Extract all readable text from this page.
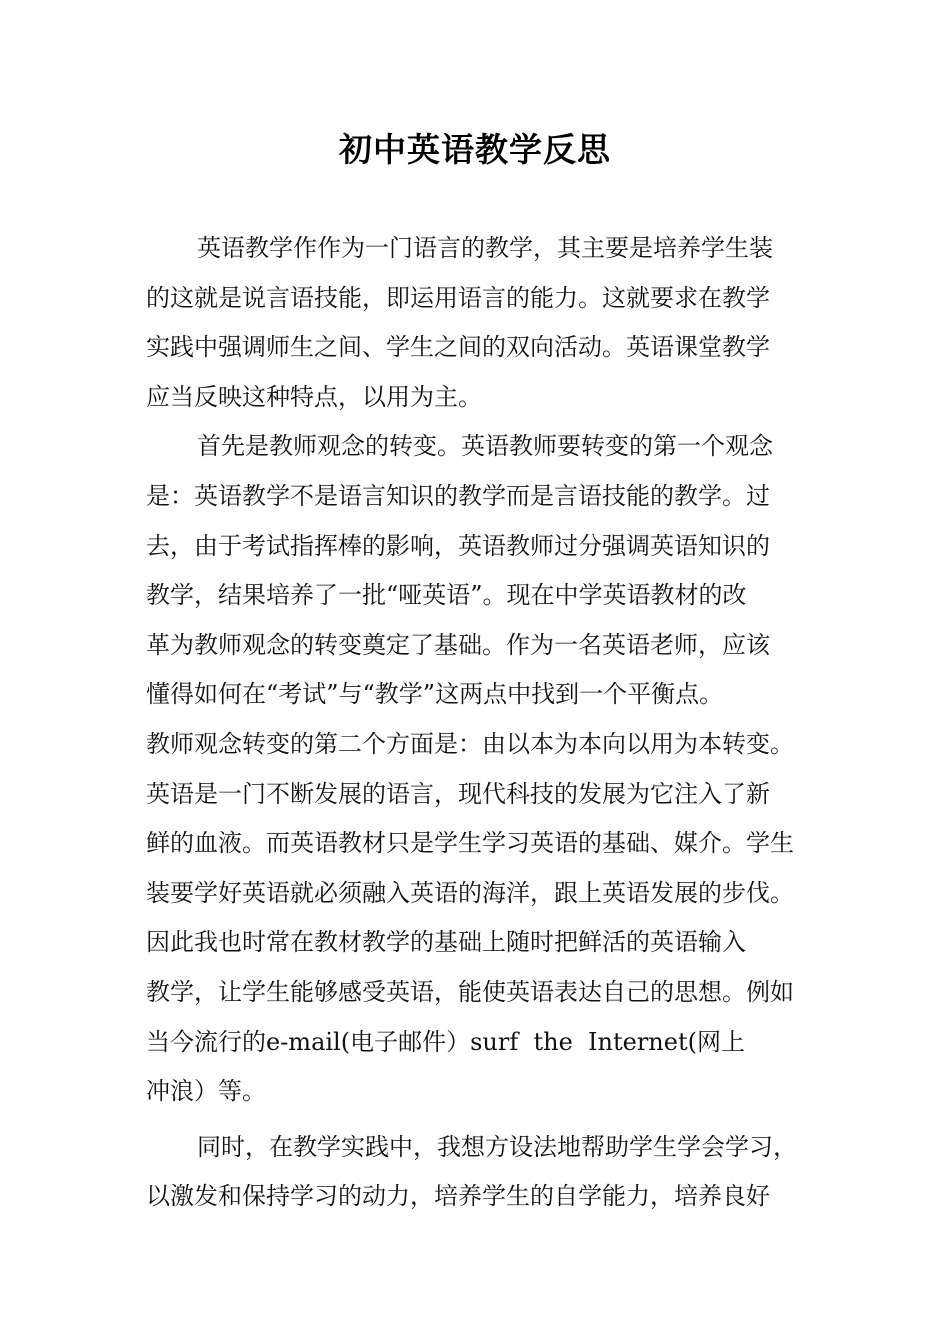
初中英语教学反思
英语教学作作为一门语言的教学，其主要是培养学生装
的这就是说言语技能，即运用语言的能力。这就要求在教学
实践中强调师生之间、学生之间的双向活动。英语课堂教学
应当反映这种特点，以用为主。
首先是教师观念的转变。英语教师要转变的第一个观念
是：英语教学不是语言知识的教学而是言语技能的教学。过
去，由于考试指挥棒的影响，英语教师过分强调英语知识的
教学，结果培养了一批“哑英语”。现在中学英语教材的改
革为教师观念的转变奠定了基础。作为一名英语老师，应该
懂得如何在“考试”与“教学”这两点中找到一个平衡点。
教师观念转变的第二个方面是：由以本为本向以用为本转变。
英语是一门不断发展的语言，现代科技的发展为它注入了新
鲜的血液。而英语教材只是学生学习英语的基础、媒介。学生
装要学好英语就必须融入英语的海洋，跟上英语发展的步伐。
因此我也时常在教材教学的基础上随时把鲜活的英语输入
教学，让学生能够感受英语，能使英语表达自己的思想。例如
当今流行的e-mail(电子邮件）surf  the  Internet(网上
冲浪）等。
同时，在教学实践中，我想方设法地帮助学生学会学习，
以激发和保持学习的动力，培养学生的自学能力，培养良好
